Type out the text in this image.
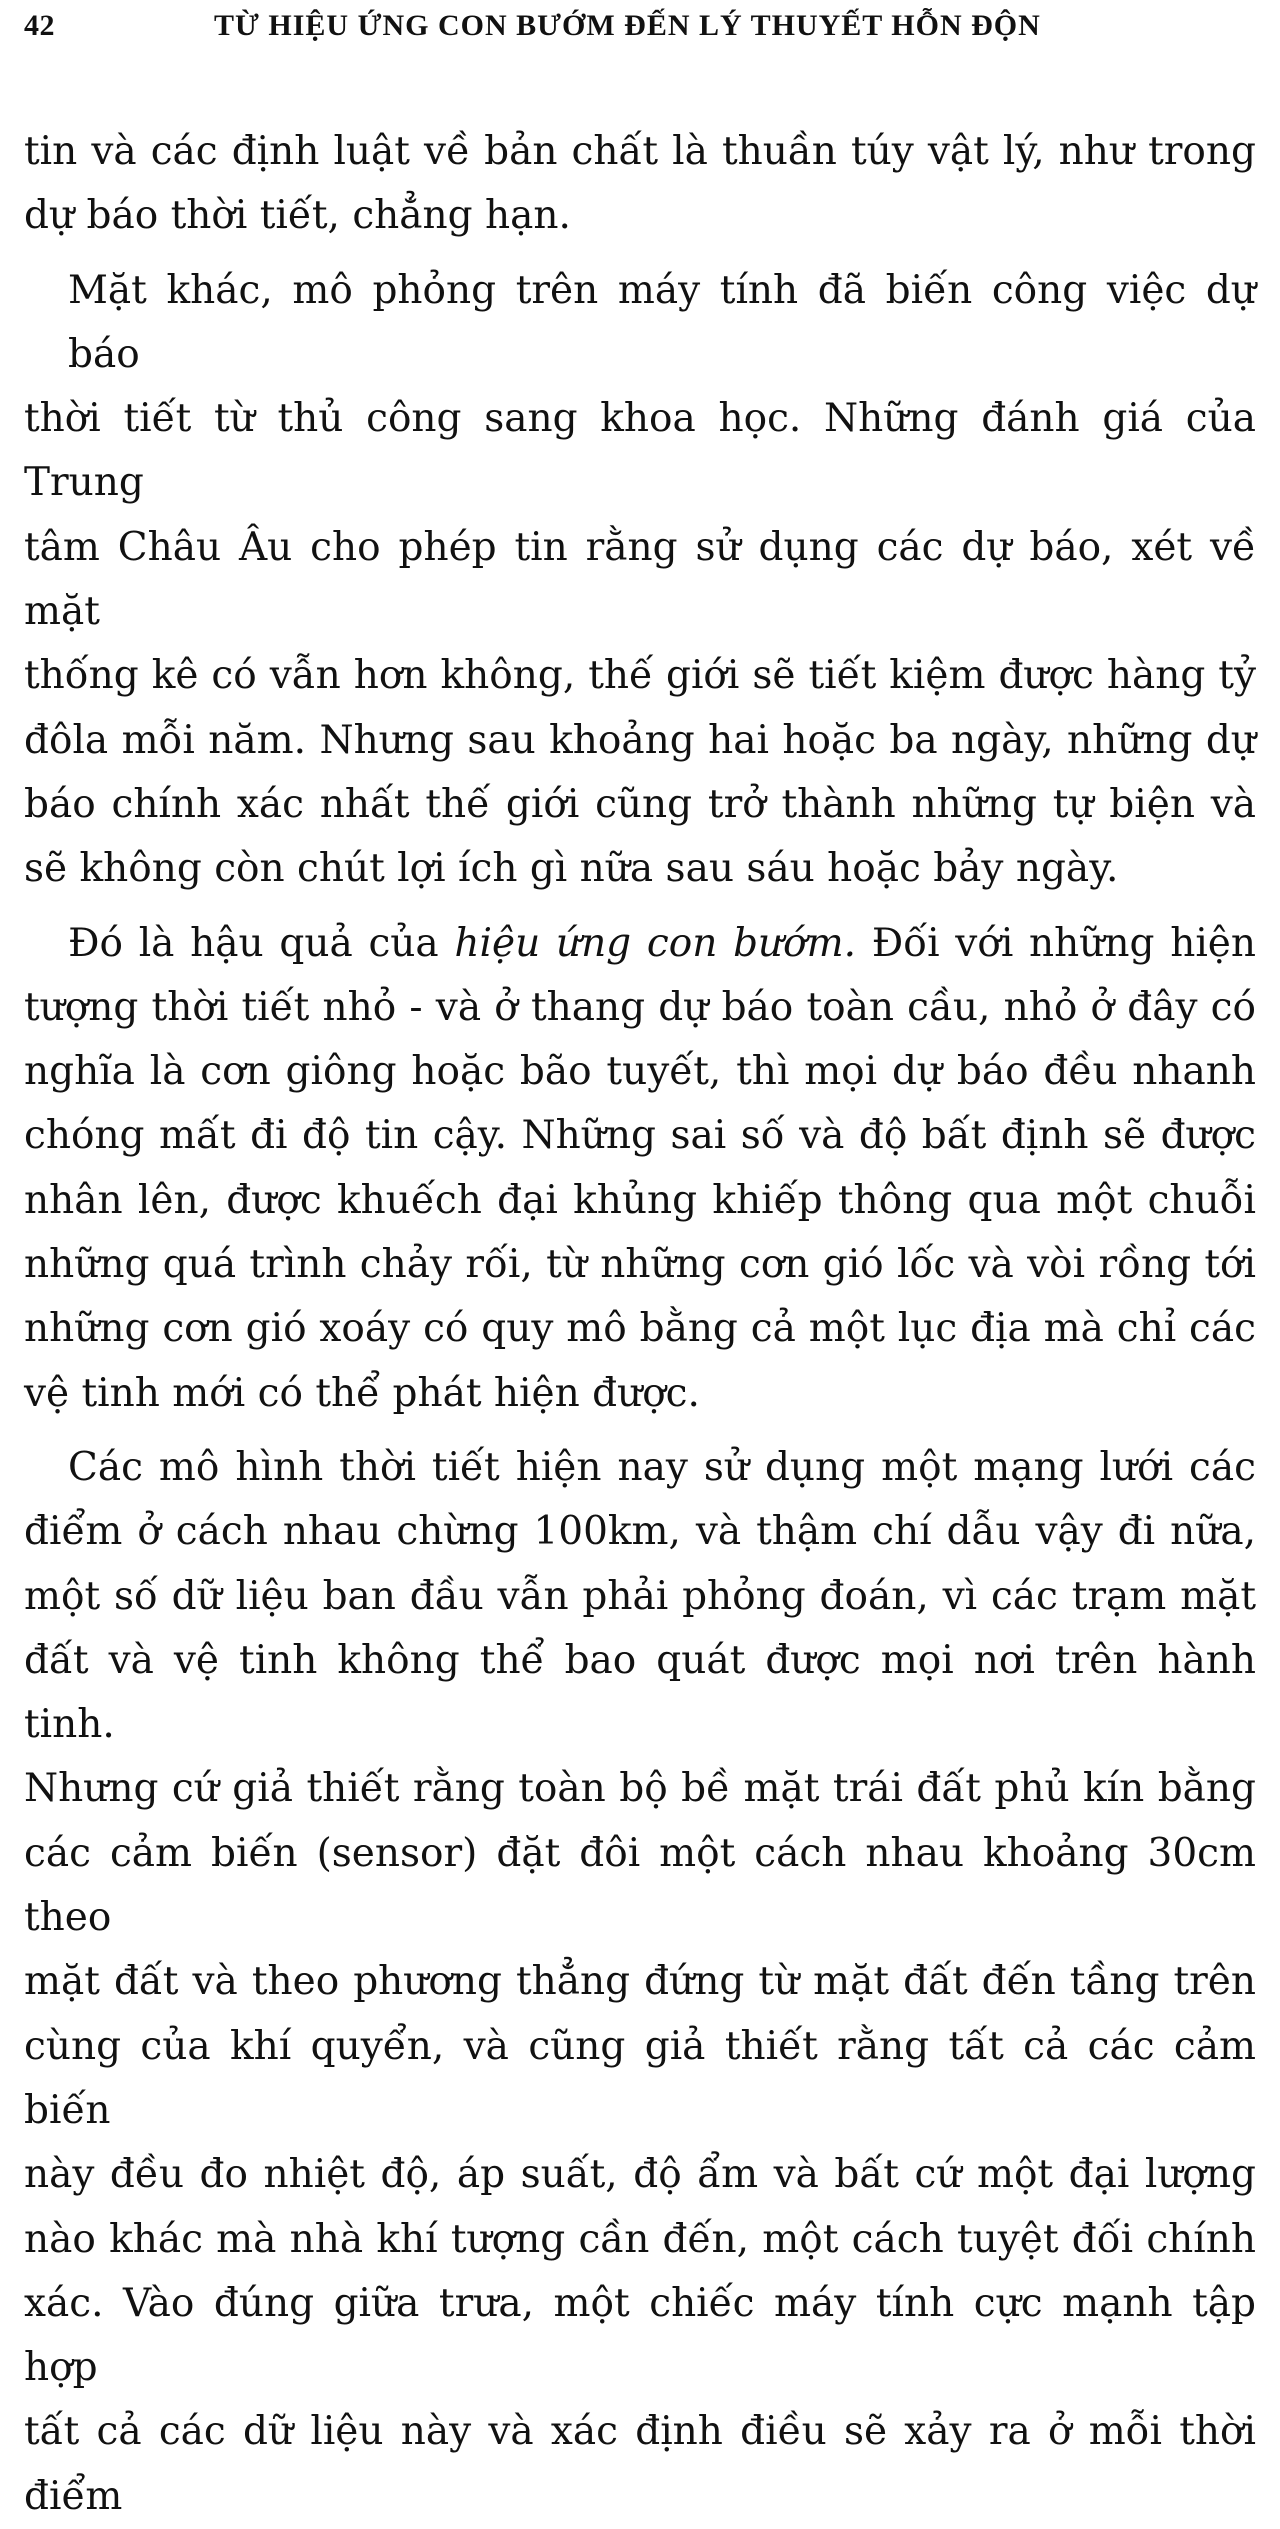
42	TỪ HIỆU ỨNG CON BƯỚM ĐẾN LÝ THUYẾT HỖN ĐỘN

tin và các định luật về bản chất là thuần túy vật lý, như trong
dự báo thời tiết, chẳng hạn.

Mặt khác, mô phỏng trên máy tính đã biến công việc dự báo
thời tiết từ thủ công sang khoa học. Những đánh giá của Trung
tâm Châu Âu cho phép tin rằng sử dụng các dự báo, xét về mặt
thống kê có vẫn hơn không, thế giới sẽ tiết kiệm được hàng tỷ
đôla mỗi năm. Nhưng sau khoảng hai hoặc ba ngày, những dự
báo chính xác nhất thế giới cũng trở thành những tự biện và
sẽ không còn chút lợi ích gì nữa sau sáu hoặc bảy ngày.

Đó là hậu quả của hiệu ứng con bướm. Đối với những hiện
tượng thời tiết nhỏ - và ở thang dự báo toàn cầu, nhỏ ở đây có
nghĩa là cơn giông hoặc bão tuyết, thì mọi dự báo đều nhanh
chóng mất đi độ tin cậy. Những sai số và độ bất định sẽ được
nhân lên, được khuếch đại khủng khiếp thông qua một chuỗi
những quá trình chảy rối, từ những cơn gió lốc và vòi rồng tới
những cơn gió xoáy có quy mô bằng cả một lục địa mà chỉ các
vệ tinh mới có thể phát hiện được.

Các mô hình thời tiết hiện nay sử dụng một mạng lưới các
điểm ở cách nhau chừng 100km, và thậm chí dẫu vậy đi nữa,
một số dữ liệu ban đầu vẫn phải phỏng đoán, vì các trạm mặt
đất và vệ tinh không thể bao quát được mọi nơi trên hành tinh.
Nhưng cứ giả thiết rằng toàn bộ bề mặt trái đất phủ kín bằng
các cảm biến (sensor) đặt đôi một cách nhau khoảng 30cm theo
mặt đất và theo phương thẳng đứng từ mặt đất đến tầng trên
cùng của khí quyển, và cũng giả thiết rằng tất cả các cảm biến
này đều đo nhiệt độ, áp suất, độ ẩm và bất cứ một đại lượng
nào khác mà nhà khí tượng cần đến, một cách tuyệt đối chính
xác. Vào đúng giữa trưa, một chiếc máy tính cực mạnh tập hợp
tất cả các dữ liệu này và xác định điều sẽ xảy ra ở mỗi thời điểm
